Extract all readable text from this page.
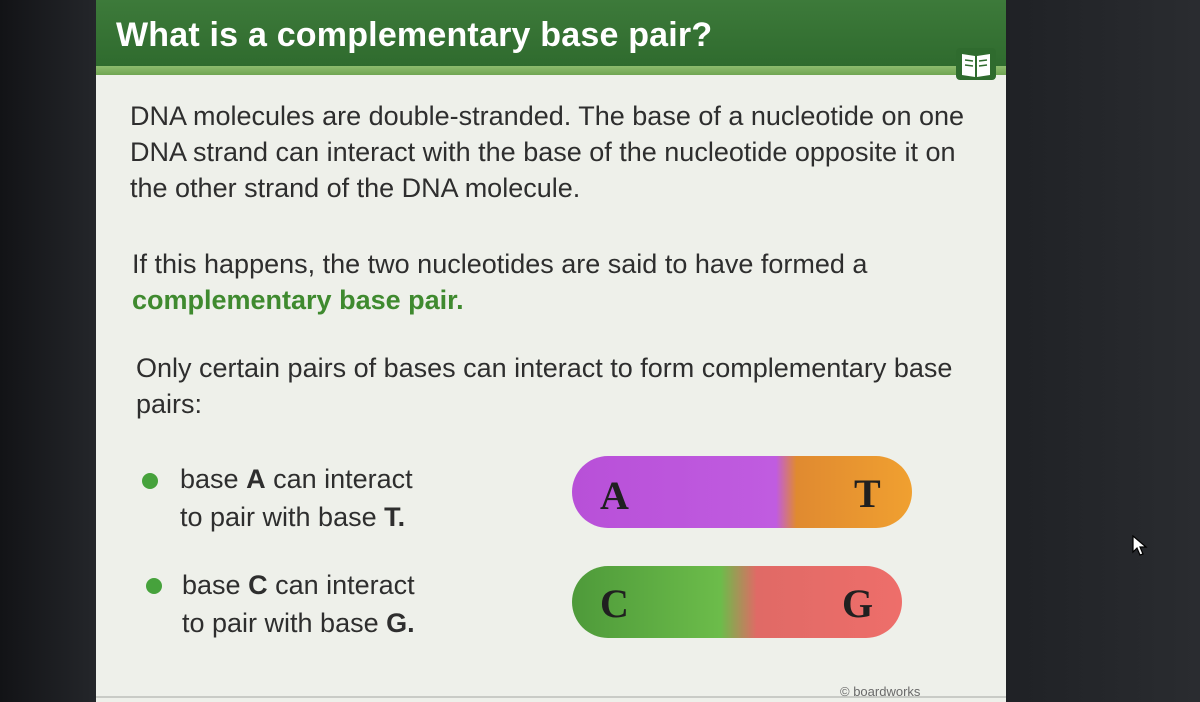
What is a complementary base pair?
DNA molecules are double-stranded. The base of a nucleotide on one DNA strand can interact with the base of the nucleotide opposite it on the other strand of the DNA molecule.
If this happens, the two nucleotides are said to have formed a complementary base pair.
Only certain pairs of bases can interact to form complementary base pairs:
base A can interact
to pair with base T.
base C can interact
to pair with base G.
A	T
C	G
© boardworks
